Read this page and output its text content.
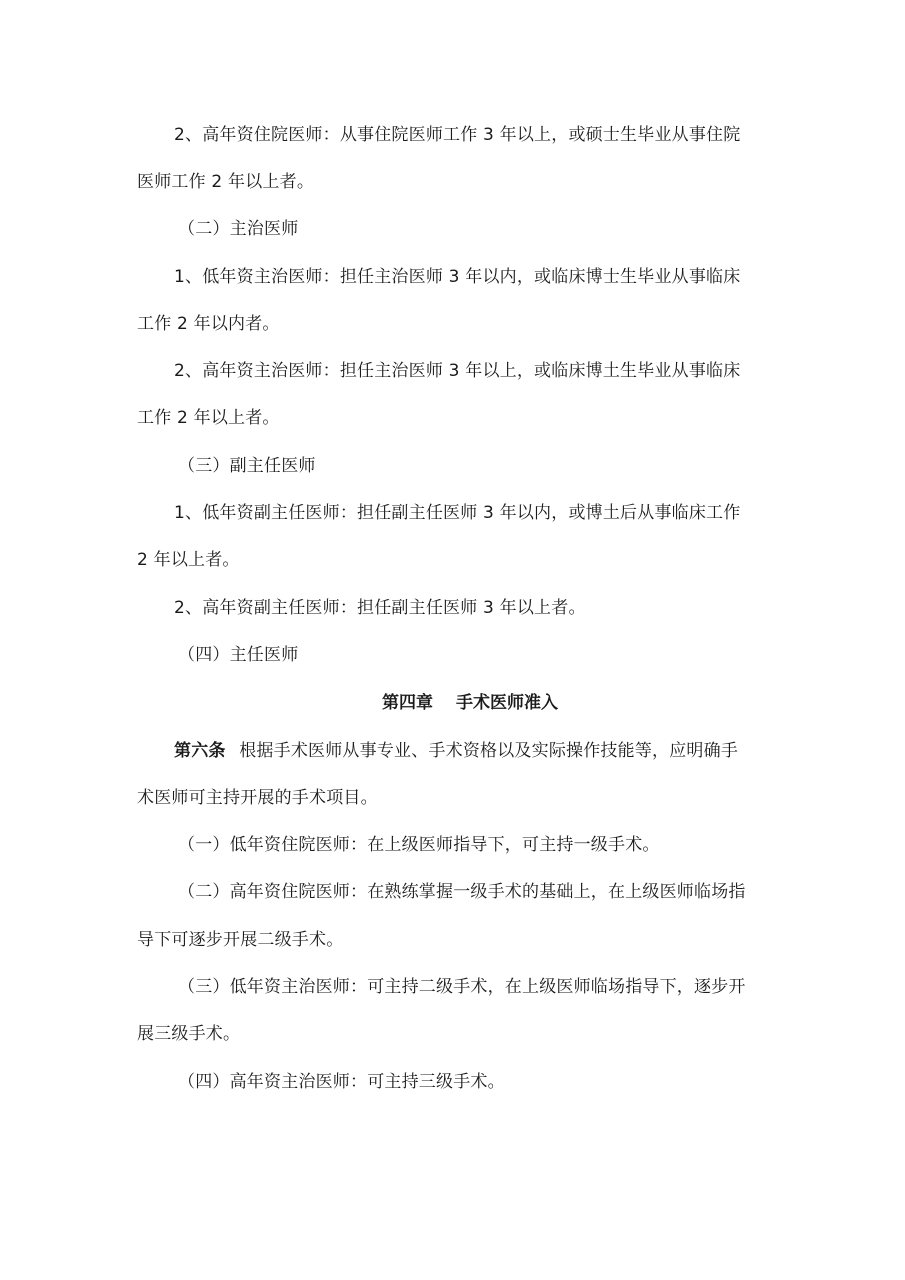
2、高年资住院医师：从事住院医师工作 3 年以上，或硕士生毕业从事住院
医师工作 2 年以上者。
（二）主治医师
1、低年资主治医师：担任主治医师 3 年以内，或临床博士生毕业从事临床
工作 2 年以内者。
2、高年资主治医师：担任主治医师 3 年以上，或临床博土生毕业从事临床
工作 2 年以上者。
（三）副主任医师
1、低年资副主任医师：担任副主任医师 3 年以内，或博土后从事临床工作
2 年以上者。
2、高年资副主任医师：担任副主任医师 3 年以上者。
（四）主任医师
第四章　 手术医师准入
第六条 根据手术医师从事专业、手术资格以及实际操作技能等，应明确手
术医师可主持开展的手术项目。
（一）低年资住院医师：在上级医师指导下，可主持一级手术。
（二）高年资住院医师：在熟练掌握一级手术的基础上，在上级医师临场指
导下可逐步开展二级手术。
（三）低年资主治医师：可主持二级手术，在上级医师临场指导下，逐步开
展三级手术。
（四）高年资主治医师：可主持三级手术。
